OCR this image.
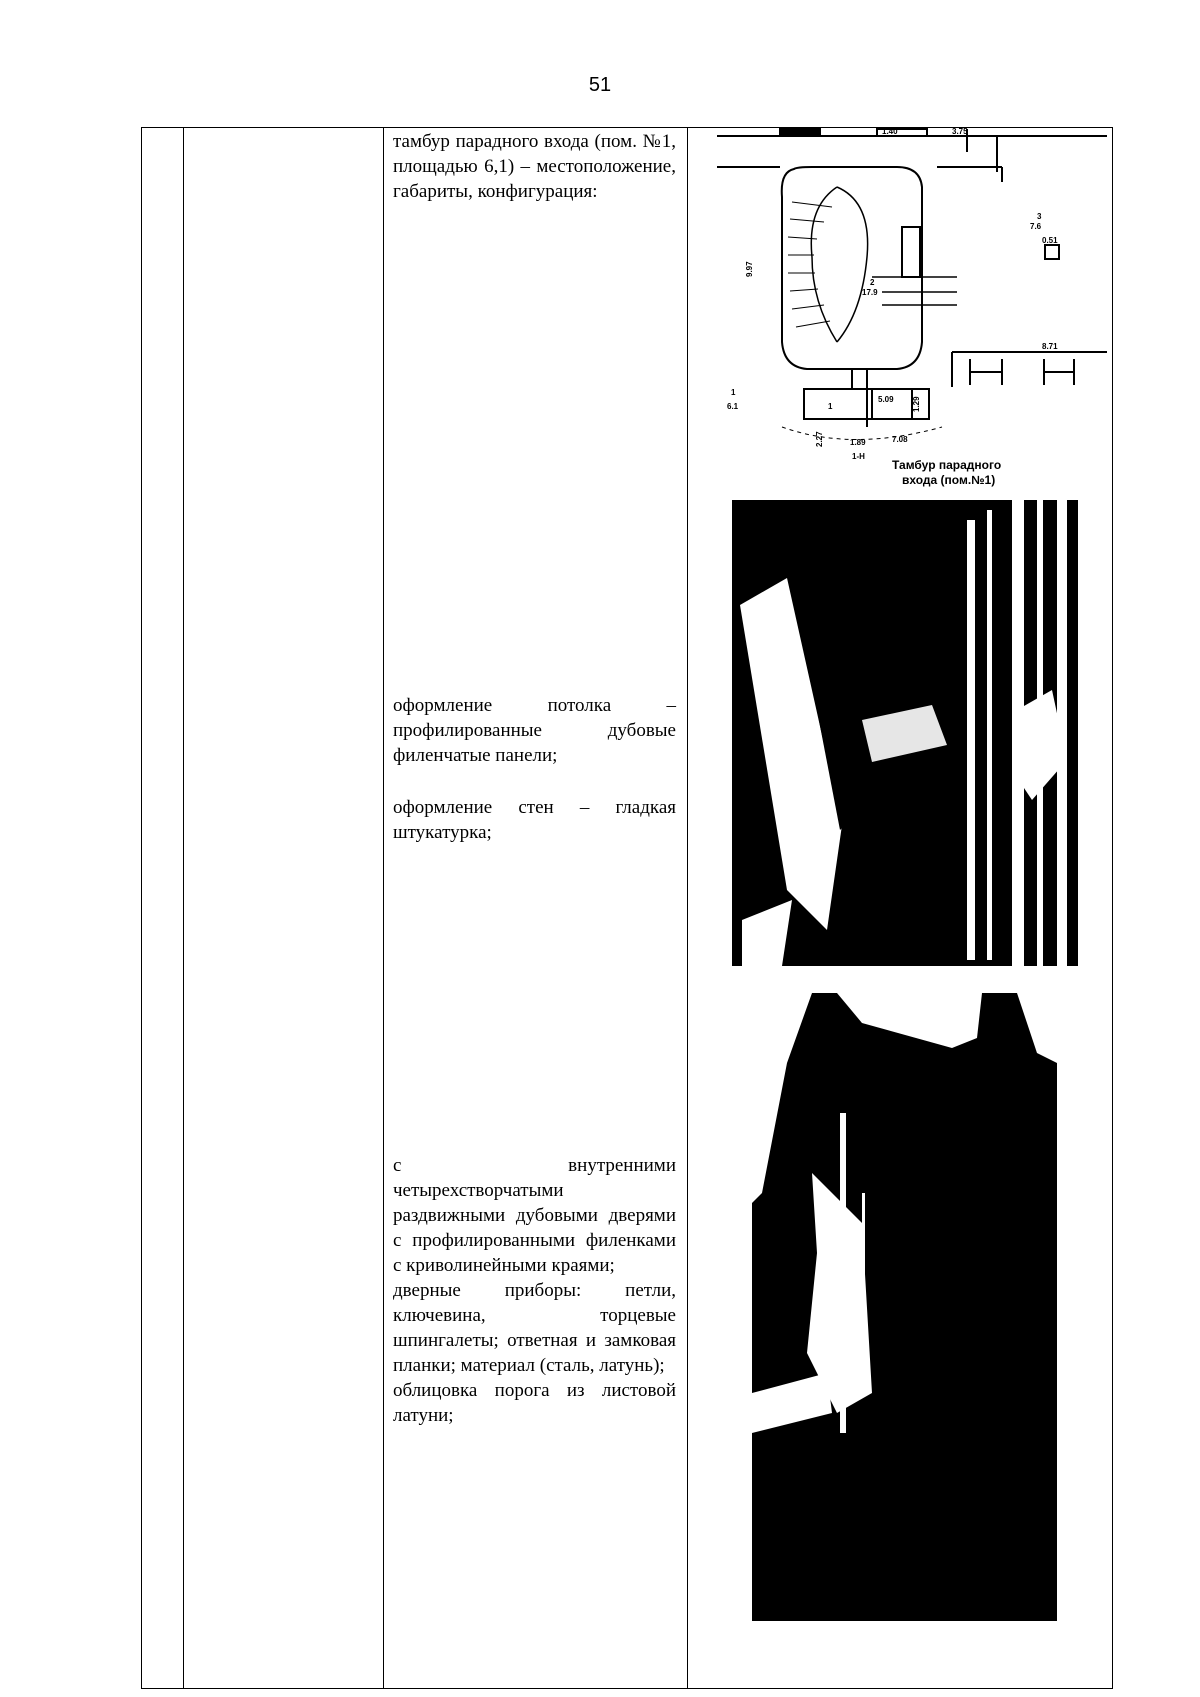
51

тамбур парадного входа (пом. №1, площадью 6,1) – местоположение, габариты, конфигурация:

оформление потолка – профилированные дубовые филенчатые панели;

оформление стен – гладкая штукатурка;

с внутренними четырехстворчатыми раздвижными дубовыми дверями с профилированными филенками с криволинейными краями;

дверные приборы: петли, ключевина, торцевые шпингалеты; ответная и замковая планки; материал (сталь, латунь);

облицовка порога из листовой латуни;

5.%	1.40	3.75
9.97
8.71
0.51
1
5.09 1.29
2.27	1.89	7.08
1-Н
2
17.9
3
7.6
1
6.1
Тамбур парадного
входа (пом.№1)
